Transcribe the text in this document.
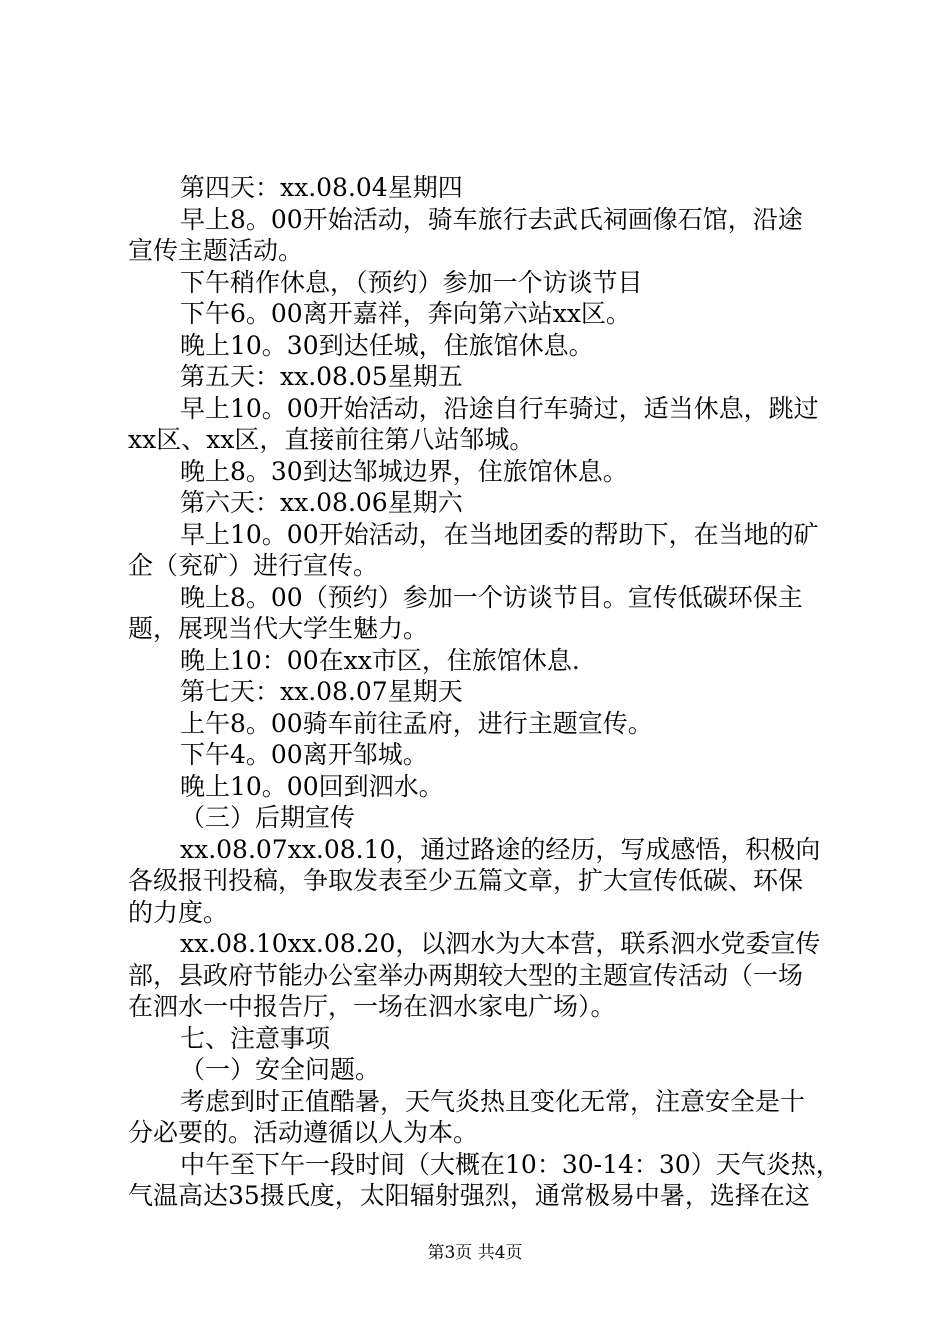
第四天：xx.08.04星期四
早上8。00开始活动，骑车旅行去武氏祠画像石馆，沿途
宣传主题活动。
下午稍作休息，（预约）参加一个访谈节目
下午6。00离开嘉祥，奔向第六站xx区。
晚上10。30到达任城，住旅馆休息。
第五天：xx.08.05星期五
早上10。00开始活动，沿途自行车骑过，适当休息，跳过
xx区、xx区，直接前往第八站邹城。
晚上8。30到达邹城边界，住旅馆休息。
第六天：xx.08.06星期六
早上10。00开始活动，在当地团委的帮助下，在当地的矿
企（兖矿）进行宣传。
晚上8。00（预约）参加一个访谈节目。宣传低碳环保主
题，展现当代大学生魅力。
晚上10：00在xx市区，住旅馆休息.
第七天：xx.08.07星期天
上午8。00骑车前往孟府，进行主题宣传。
下午4。00离开邹城。
晚上10。00回到泗水。
（三）后期宣传
xx.08.07xx.08.10，通过路途的经历，写成感悟，积极向
各级报刊投稿，争取发表至少五篇文章，扩大宣传低碳、环保
的力度。
xx.08.10xx.08.20，以泗水为大本营，联系泗水党委宣传
部，县政府节能办公室举办两期较大型的主题宣传活动（一场
在泗水一中报告厅，一场在泗水家电广场）。
七、注意事项
（一）安全问题。
考虑到时正值酷暑，天气炎热且变化无常，注意安全是十
分必要的。活动遵循以人为本。
中午至下午一段时间（大概在10：30-14：30）天气炎热，
气温高达35摄氏度，太阳辐射强烈，通常极易中暑，选择在这
第3页 共4页
